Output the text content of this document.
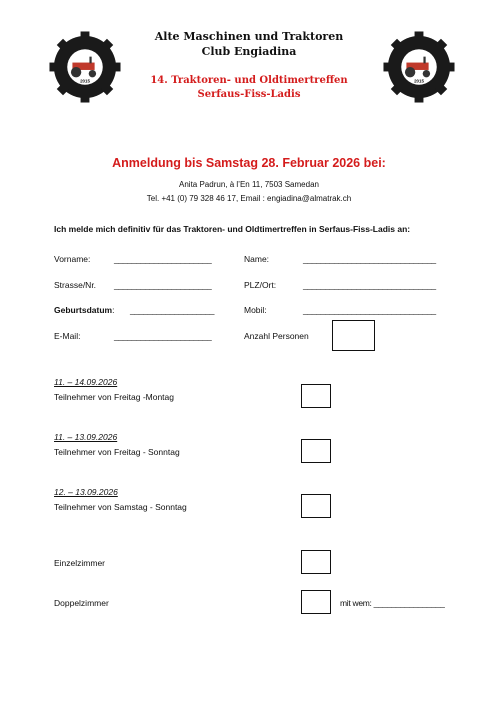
2015	2015
Alte Maschinen und Traktoren
Club Engiadina
14. Traktoren- und Oldtimertreffen
Serfaus-Fiss-Ladis
Anmeldung bis Samstag 28. Februar 2026 bei:
Anita Padrun, à l’En 11, 7503 Samedan
Tel. +41 (0) 79 328 46 17, Email : engiadina@almatrak.ch
Ich melde mich definitiv für das Traktoren- und Oldtimertreffen in Serfaus-Fiss-Ladis an:
Vorname:	______________________	Name:	______________________________
Strasse/Nr. ______________________	PLZ/Ort:	______________________________
Geburtsdatum: ___________________	Mobil:	______________________________
E-Mail:	______________________	Anzahl Personen
11. – 14.09.2026
Teilnehmer von Freitag -Montag
11. – 13.09.2026
Teilnehmer von Freitag - Sonntag
12. – 13.09.2026
Teilnehmer von Samstag - Sonntag
Einzelzimmer
Doppelzimmer	mit wem: ________________
